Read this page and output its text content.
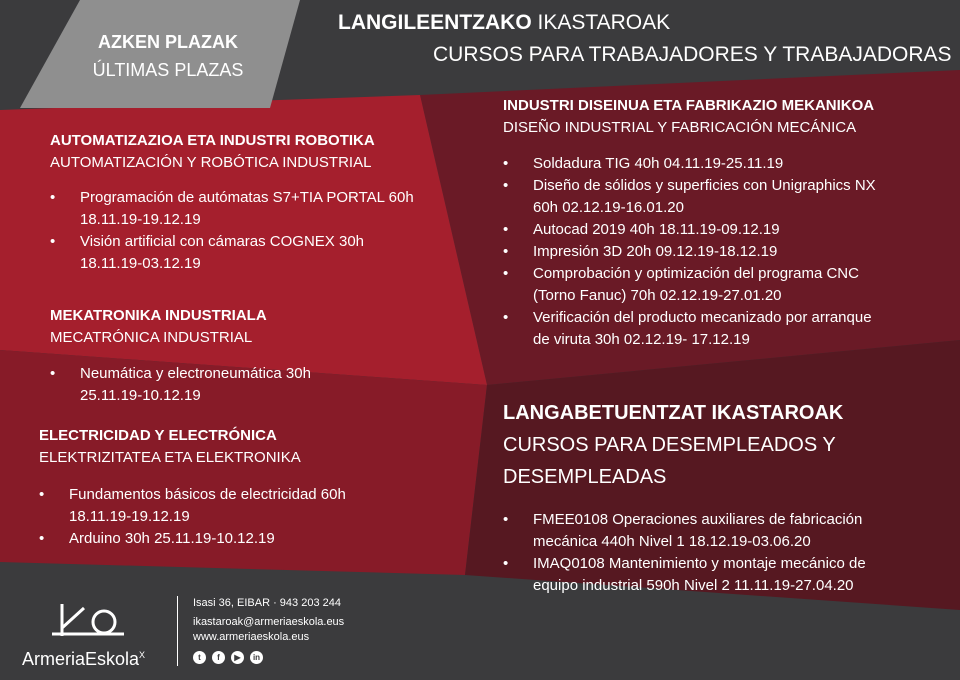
AZKEN PLAZAK
ÚLTIMAS PLAZAS
LANGILEENTZAKO IKASTAROAK
CURSOS PARA TRABAJADORES Y TRABAJADORAS
AUTOMATIZAZIOA ETA INDUSTRI ROBOTIKA
AUTOMATIZACIÓN Y ROBÓTICA INDUSTRIAL
• Programación de autómatas S7+TIA PORTAL 60h
18.11.19-19.12.19
• Visión artificial con cámaras COGNEX 30h
18.11.19-03.12.19
MEKATRONIKA INDUSTRIALA
MECATRÓNICA INDUSTRIAL
• Neumática y electroneumática 30h
25.11.19-10.12.19
ELECTRICIDAD Y ELECTRÓNICA
ELEKTRIZITATEA ETA ELEKTRONIKA
• Fundamentos básicos de electricidad 60h
18.11.19-19.12.19
• Arduino 30h 25.11.19-10.12.19
INDUSTRI DISEINUA ETA FABRIKAZIO MEKANIKOA
DISEÑO INDUSTRIAL Y FABRICACIÓN MECÁNICA
• Soldadura TIG 40h 04.11.19-25.11.19
• Diseño de sólidos y superficies con Unigraphics NX
60h 02.12.19-16.01.20
• Autocad 2019 40h 18.11.19-09.12.19
• Impresión 3D 20h 09.12.19-18.12.19
• Comprobación y optimización del programa CNC
(Torno Fanuc) 70h 02.12.19-27.01.20
• Verificación del producto mecanizado por arranque
de viruta 30h 02.12.19- 17.12.19
LANGABETUENTZAT IKASTAROAK
CURSOS PARA DESEMPLEADOS Y
DESEMPLEADAS
• FMEE0108 Operaciones auxiliares de fabricación
mecánica 440h Nivel 1 18.12.19-03.06.20
• IMAQ0108 Mantenimiento y montaje mecánico de
equipo industrial 590h Nivel 2 11.11.19-27.04.20
ArmeriaEskola$^X$
Isasi 36, EIBAR · 943 203 244
ikastaroak@armeriaeskola.eus
www.armeriaeskola.eus
t f ▶ in
